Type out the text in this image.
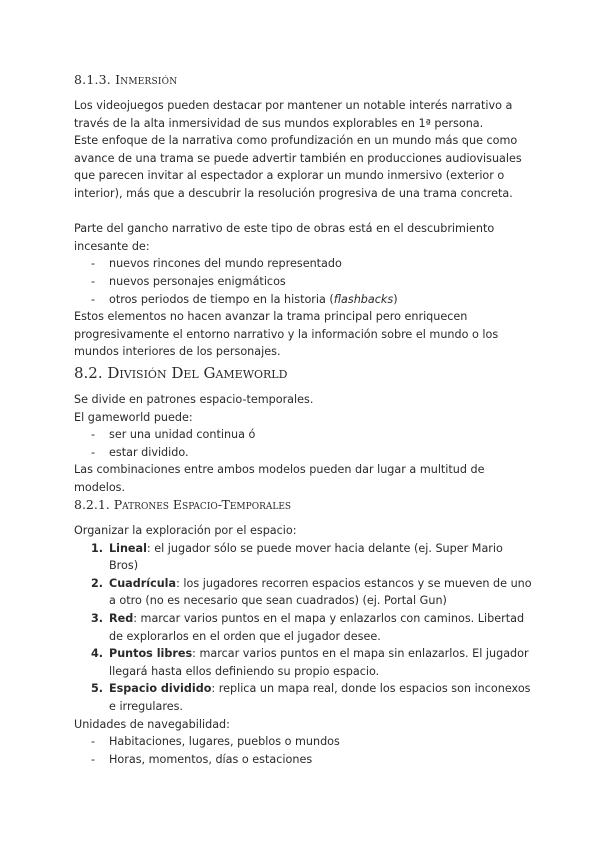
8.1.3. Inmersión

Los videojuegos pueden destacar por mantener un notable interés narrativo a través de la alta inmersividad de sus mundos explorables en 1ª persona.

Este enfoque de la narrativa como profundización en un mundo más que como avance de una trama se puede advertir también en producciones audiovisuales que parecen invitar al espectador a explorar un mundo inmersivo (exterior o interior), más que a descubrir la resolución progresiva de una trama concreta.

Parte del gancho narrativo de este tipo de obras está en el descubrimiento incesante de:

- nuevos rincones del mundo representado
- nuevos personajes enigmáticos
- otros periodos de tiempo en la historia (flashbacks)

Estos elementos no hacen avanzar la trama principal pero enriquecen progresivamente el entorno narrativo y la información sobre el mundo o los mundos interiores de los personajes.

8.2. División Del Gameworld

Se divide en patrones espacio-temporales.

El gameworld puede:

- ser una unidad continua ó
- estar dividido.

Las combinaciones entre ambos modelos pueden dar lugar a multitud de modelos.

8.2.1. Patrones Espacio-Temporales

Organizar la exploración por el espacio:

1. Lineal: el jugador sólo se puede mover hacia delante (ej. Super Mario Bros)
2. Cuadrícula: los jugadores recorren espacios estancos y se mueven de uno a otro (no es necesario que sean cuadrados) (ej. Portal Gun)
3. Red: marcar varios puntos en el mapa y enlazarlos con caminos. Libertad de explorarlos en el orden que el jugador desee.
4. Puntos libres: marcar varios puntos en el mapa sin enlazarlos. El jugador llegará hasta ellos definiendo su propio espacio.
5. Espacio dividido: replica un mapa real, donde los espacios son inconexos e irregulares.

Unidades de navegabilidad:

- Habitaciones, lugares, pueblos o mundos
- Horas, momentos, días o estaciones
